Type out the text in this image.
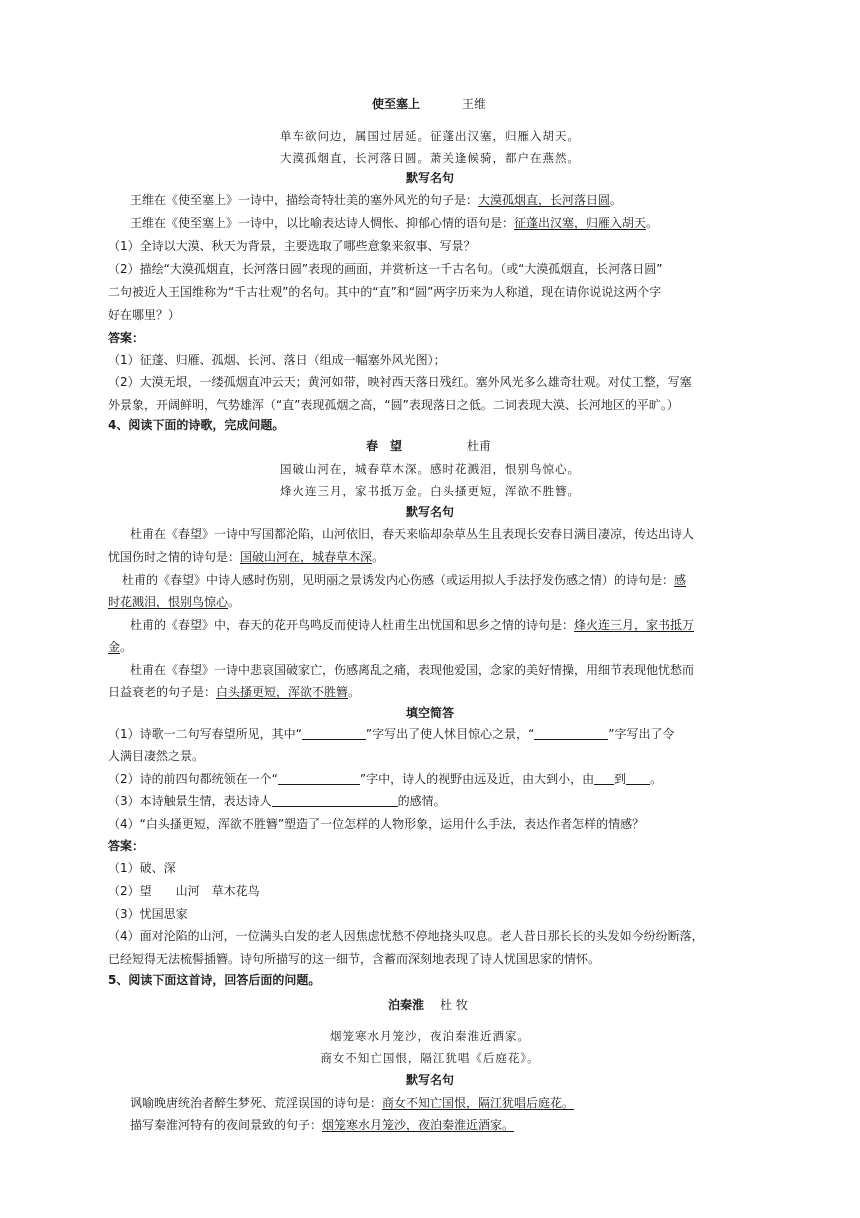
使至塞上	王维
单车欲问边，属国过居延。征蓬出汉塞，归雁入胡天。
大漠孤烟直，长河落日圆。萧关逢候骑，都户在燕然。
默写名句
王维在《使至塞上》一诗中，描绘奇特壮美的塞外风光的句子是：大漠孤烟直，长河落日圆。
王维在《使至塞上》一诗中，以比喻表达诗人惆怅、抑郁心情的语句是：征蓬出汉塞，归雁入胡天。
（1）全诗以大漠、秋天为背景，主要选取了哪些意象来叙事、写景？
（2）描绘“大漠孤烟直，长河落日圆”表现的画面，并赏析这一千古名句。（或“大漠孤烟直，长河落日圆”
二句被近人王国维称为“千古壮观”的名句。其中的“直”和“圆”两字历来为人称道，现在请你说说这两个字
好在哪里？）
答案：
（1）征蓬、归雁、孤烟、长河、落日（组成一幅塞外风光图）；
（2）大漠无垠，一缕孤烟直冲云天；黄河如带，映衬西天落日残红。塞外风光多么雄奇壮观。对仗工整，写塞
外景象，开阔鲜明，气势雄浑（“直”表现孤烟之高，“圆”表现落日之低。二词表现大漠、长河地区的平旷。）
4、阅读下面的诗歌，完成问题。
春　望	杜甫
国破山河在，城春草木深。感时花溅泪，恨别鸟惊心。
烽火连三月，家书抵万金。白头搔更短，浑欲不胜簪。
默写名句
杜甫在《春望》一诗中写国都沦陷，山河依旧，春天来临却杂草丛生且表现长安春日满目凄凉，传达出诗人
忧国伤时之情的诗句是：国破山河在，城春草木深。
杜甫的《春望》中诗人感时伤别，见明丽之景诱发内心伤感（或运用拟人手法抒发伤感之情）的诗句是：感
时花溅泪，恨别鸟惊心。
杜甫的《春望》中，春天的花开鸟鸣反而使诗人杜甫生出忧国和思乡之情的诗句是：烽火连三月，家书抵万
金。
杜甫在《春望》一诗中悲哀国破家亡，伤感离乱之痛，表现他爱国，念家的美好情操，用细节表现他忧愁而
日益衰老的句子是：白头搔更短，浑欲不胜簪。
填空简答
（1）诗歌一二句写春望所见，其中“	”字写出了使人怵目惊心之景，“	”字写出了令
人满目凄然之景。
（2）诗的前四句都统领在一个“	”字中，诗人的视野由远及近，由大到小，由 到 。
（3）本诗触景生情，表达诗人	的感情。
（4）“白头搔更短，浑欲不胜簪”塑造了一位怎样的人物形象，运用什么手法，表达作者怎样的情感？
答案：
（1）破、深
（2）望　　山河　草木花鸟
（3）忧国思家
（4）面对沦陷的山河，一位满头白发的老人因焦虑忧愁不停地挠头叹息。老人昔日那长长的头发如今纷纷断落，
已经短得无法梳髻插簪。诗句所描写的这一细节，含蓄而深刻地表现了诗人忧国思家的情怀。
5、阅读下面这首诗，回答后面的问题。
泊秦淮 杜 牧
烟笼寒水月笼沙，夜泊秦淮近酒家。
商女不知亡国恨，隔江犹唱《后庭花》。
默写名句
讽喻晚唐统治者醉生梦死、荒淫误国的诗句是：商女不知亡国恨，隔江犹唱后庭花。
描写秦淮河特有的夜间景致的句子：烟笼寒水月笼沙，夜泊秦淮近酒家。
